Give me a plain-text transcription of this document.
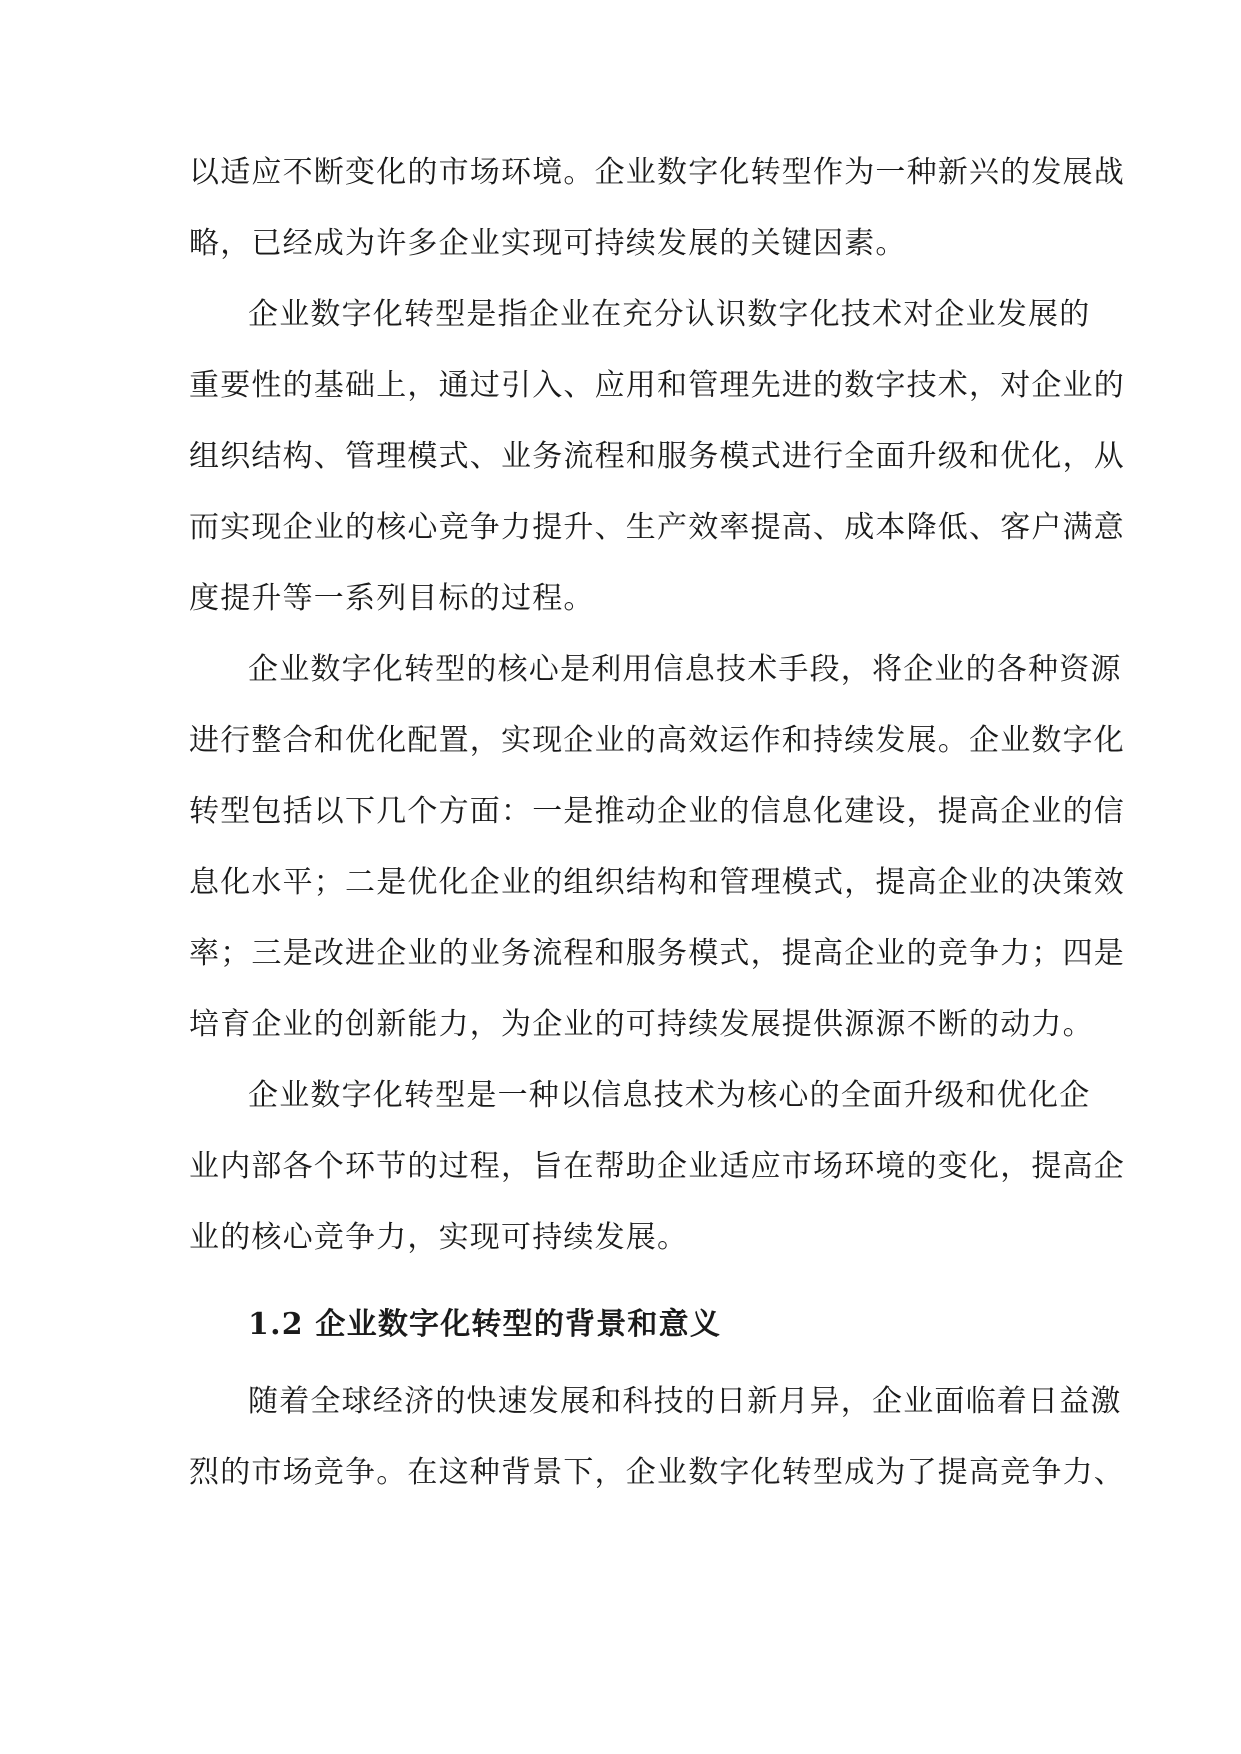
以适应不断变化的市场环境。企业数字化转型作为一种新兴的发展战
略，已经成为许多企业实现可持续发展的关键因素。
企业数字化转型是指企业在充分认识数字化技术对企业发展的
重要性的基础上，通过引入、应用和管理先进的数字技术，对企业的
组织结构、管理模式、业务流程和服务模式进行全面升级和优化，从
而实现企业的核心竞争力提升、生产效率提高、成本降低、客户满意
度提升等一系列目标的过程。
企业数字化转型的核心是利用信息技术手段，将企业的各种资源
进行整合和优化配置，实现企业的高效运作和持续发展。企业数字化
转型包括以下几个方面：一是推动企业的信息化建设，提高企业的信
息化水平；二是优化企业的组织结构和管理模式，提高企业的决策效
率；三是改进企业的业务流程和服务模式，提高企业的竞争力；四是
培育企业的创新能力，为企业的可持续发展提供源源不断的动力。
企业数字化转型是一种以信息技术为核心的全面升级和优化企
业内部各个环节的过程，旨在帮助企业适应市场环境的变化，提高企
业的核心竞争力，实现可持续发展。
1.2 企业数字化转型的背景和意义
随着全球经济的快速发展和科技的日新月异，企业面临着日益激
烈的市场竞争。在这种背景下，企业数字化转型成为了提高竞争力、
